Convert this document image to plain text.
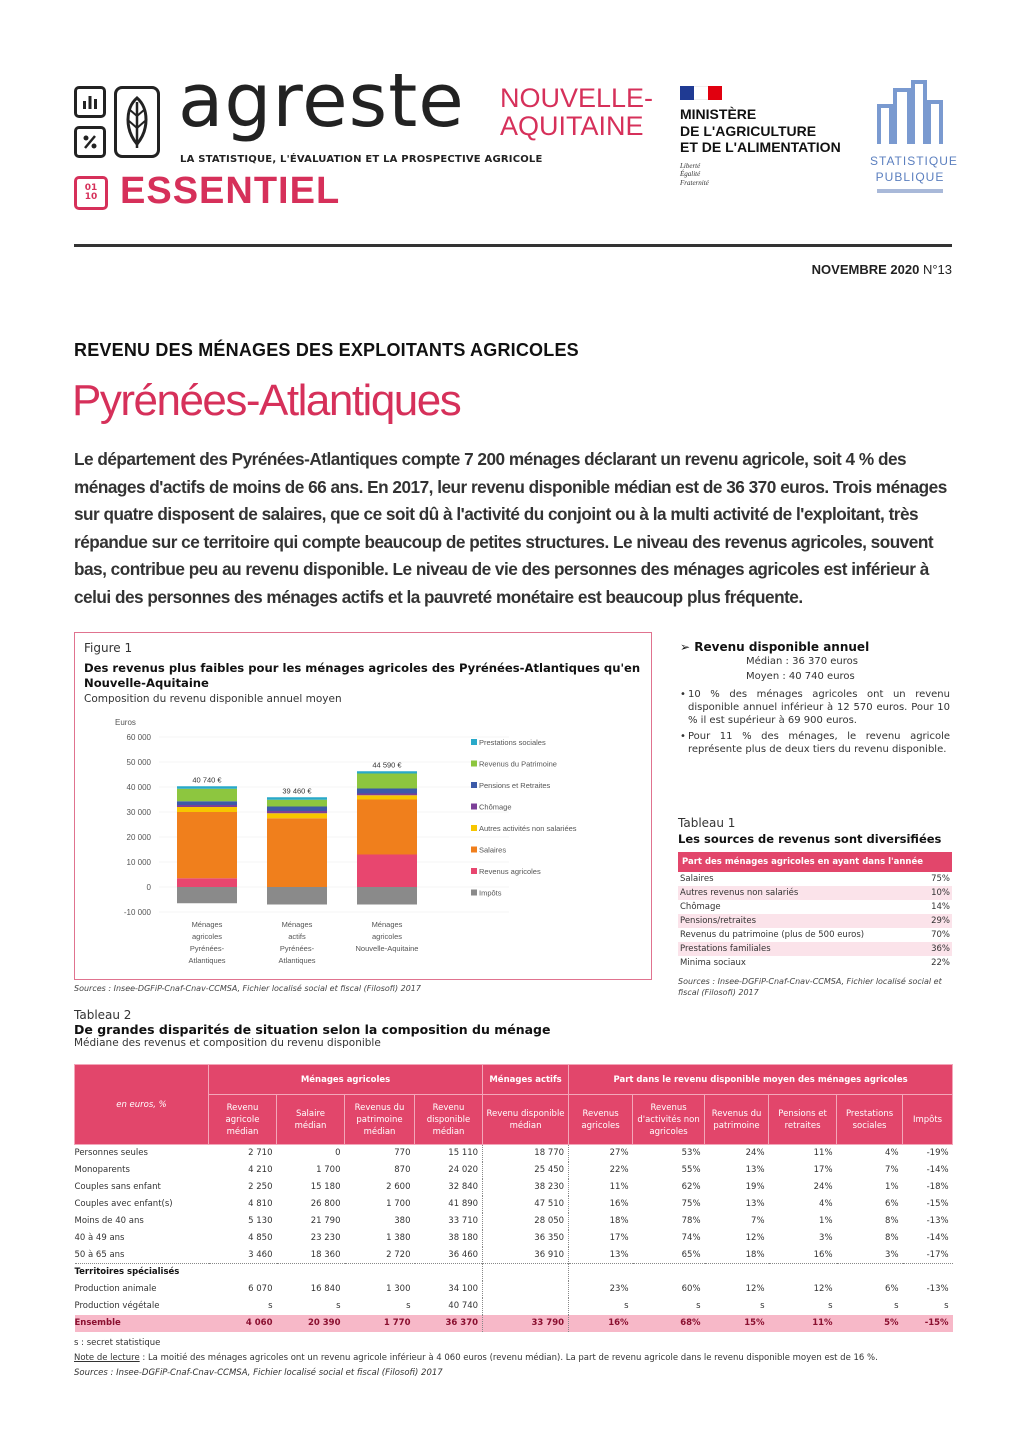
agreste
LA STATISTIQUE, L'ÉVALUATION ET LA PROSPECTIVE AGRICOLE
NOUVELLE-
AQUITAINE
01
10 ESSENTIEL
MINISTÈRE
DE L'AGRICULTURE
ET DE L'ALIMENTATION
Liberté
Égalité
Fraternité
STATISTIQUE
PUBLIQUE
NOVEMBRE 2020 N°13
REVENU DES MÉNAGES DES EXPLOITANTS AGRICOLES
Pyrénées-Atlantiques
Le département des Pyrénées-Atlantiques compte 7 200 ménages déclarant un revenu agricole, soit 4 % des ménages d'actifs de moins de 66 ans. En 2017, leur revenu disponible médian est de 36 370 euros. Trois ménages sur quatre disposent de salaires, que ce soit dû à l'activité du conjoint ou à la multi activité de l'exploitant, très répandue sur ce territoire qui compte beaucoup de petites structures. Le niveau des revenus agricoles, souvent bas, contribue peu au revenu disponible. Le niveau de vie des personnes des ménages agricoles est inférieur à celui des personnes des ménages actifs et la pauvreté monétaire est beaucoup plus fréquente.
Figure 1
Des revenus plus faibles pour les ménages agricoles des Pyrénées-Atlantiques qu'en Nouvelle-Aquitaine
Composition du revenu disponible annuel moyen
Euros
60 000
50 000
40 000
30 000
20 000
10 000
0
-10 000
40 740 €
Ménages
agricoles
Pyrénées-
Atlantiques
39 460 €
Ménages
actifs
Pyrénées-
Atlantiques
44 590 €
Ménages
agricoles
Nouvelle-Aquitaine
Prestations sociales
Revenus du Patrimoine
Pensions et Retraites
Chômage
Autres activités non salariées
Salaires
Revenus agricoles
Impôts
Sources : Insee-DGFiP-Cnaf-Cnav-CCMSA, Fichier localisé social et fiscal (Filosofi) 2017
➢ Revenu disponible annuel
Médian : 36 370 euros
Moyen : 40 740 euros
• 10 % des ménages agricoles ont un revenu disponible annuel inférieur à 12 570 euros. Pour 10 % il est supérieur à 69 900 euros.
• Pour 11 % des ménages, le revenu agricole représente plus de deux tiers du revenu disponible.
Tableau 1
Les sources de revenus sont diversifiées
Part des ménages agricoles en ayant dans l'année	
Salaires	75%
Autres revenus non salariés	10%
Chômage	14%
Pensions/retraites	29%
Revenus du patrimoine (plus de 500 euros)	70%
Prestations familiales	36%
Minima sociaux	22%
Sources : Insee-DGFiP-Cnaf-Cnav-CCMSA, Fichier localisé social et fiscal (Filosofi) 2017
Tableau 2
De grandes disparités de situation selon la composition du ménage
Médiane des revenus et composition du revenu disponible
en euros, %	Ménages agricoles				Ménages actifs	Part dans le revenu disponible moyen des ménages agricoles					
	Revenu agricole médian	Salaire médian	Revenus du patrimoine médian	Revenu disponible médian	Revenu disponible médian	Revenus agricoles	Revenus d'activités non agricoles	Revenus du patrimoine	Pensions et retraites	Prestations sociales	Impôts
Personnes seules	2 710	0	770	15 110	18 770	27%	53%	24%	11%	4%	-19%
Monoparents	4 210	1 700	870	24 020	25 450	22%	55%	13%	17%	7%	-14%
Couples sans enfant	2 250	15 180	2 600	32 840	38 230	11%	62%	19%	24%	1%	-18%
Couples avec enfant(s)	4 810	26 800	1 700	41 890	47 510	16%	75%	13%	4%	6%	-15%
Moins de 40 ans	5 130	21 790	380	33 710	28 050	18%	78%	7%	1%	8%	-13%
40 à 49 ans	4 850	23 230	1 380	38 180	36 350	17%	74%	12%	3%	8%	-14%
50 à 65 ans	3 460	18 360	2 720	36 460	36 910	13%	65%	18%	16%	3%	-17%
Territoires spécialisés											
Production animale	6 070	16 840	1 300	34 100		23%	60%	12%	12%	6%	-13%
Production végétale	s	s	s	40 740		s	s	s	s	s	s
Ensemble	4 060	20 390	1 770	36 370	33 790	16%	68%	15%	11%	5%	-15%
s : secret statistique
Note de lecture : La moitié des ménages agricoles ont un revenu agricole inférieur à 4 060 euros (revenu médian). La part de revenu agricole dans le revenu disponible moyen est de 16 %.
Sources : Insee-DGFiP-Cnaf-Cnav-CCMSA, Fichier localisé social et fiscal (Filosofi) 2017
